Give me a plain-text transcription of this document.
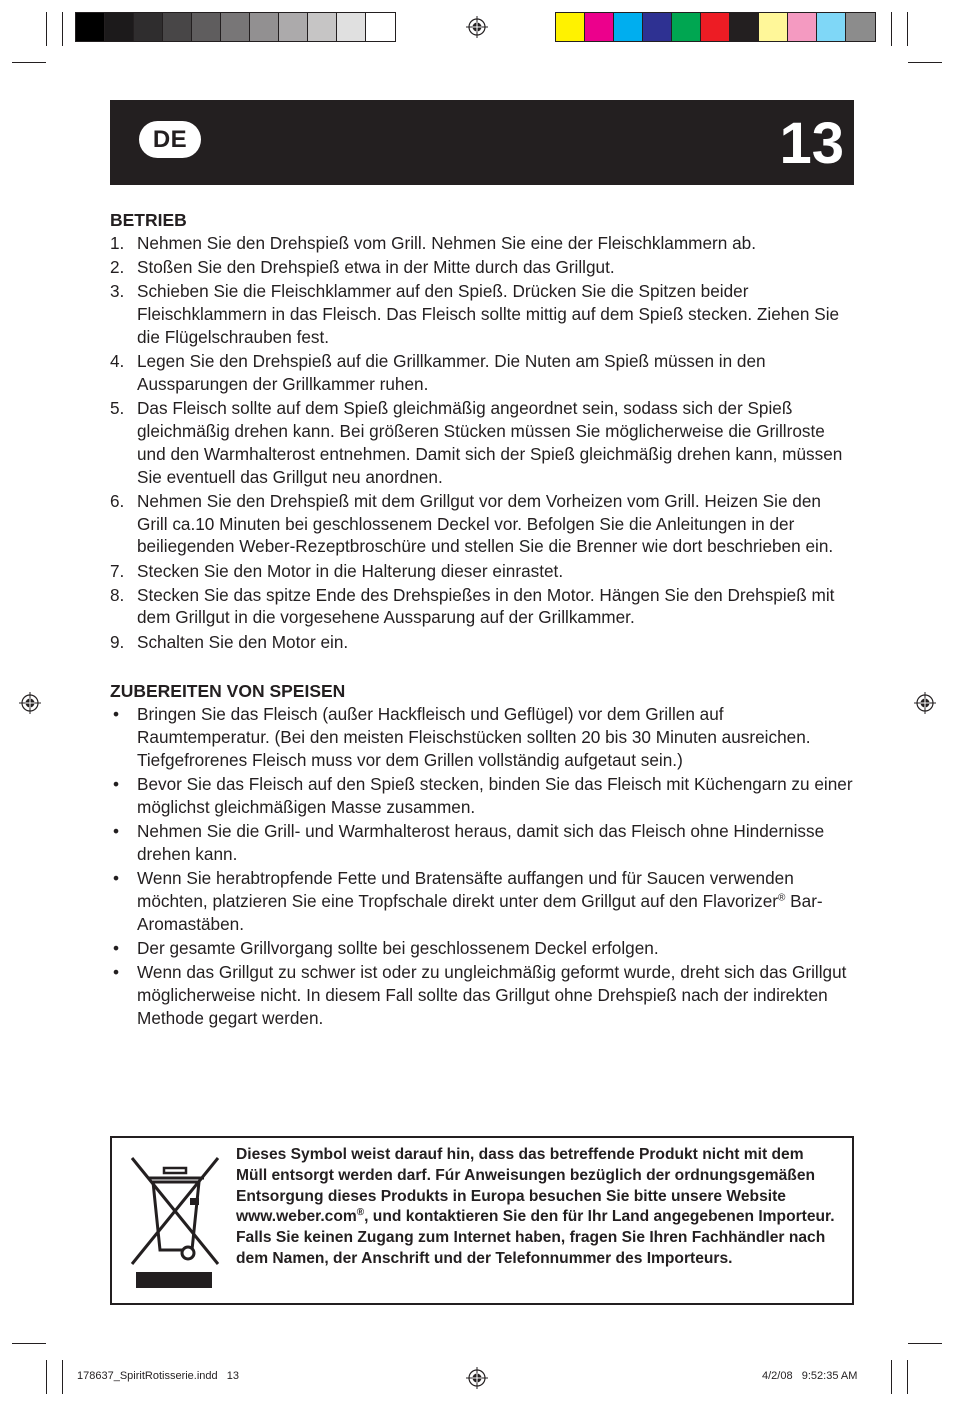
DE	13
BETRIEB
1. Nehmen Sie den Drehspieß vom Grill. Nehmen Sie eine der Fleischklammern ab.
2. Stoßen Sie den Drehspieß etwa in der Mitte durch das Grillgut.
3. Schieben Sie die Fleischklammer auf den Spieß. Drücken Sie die Spitzen beider Fleischklammern in das Fleisch. Das Fleisch sollte mittig auf dem Spieß stecken. Ziehen Sie die Flügelschrauben fest.
4. Legen Sie den Drehspieß auf die Grillkammer. Die Nuten am Spieß müssen in den Aussparungen der Grillkammer ruhen.
5. Das Fleisch sollte auf dem Spieß gleichmäßig angeordnet sein, sodass sich der Spieß gleichmäßig drehen kann. Bei größeren Stücken müssen Sie möglicherweise die Grillroste und den Warmhalterost entnehmen. Damit sich der Spieß gleichmäßig drehen kann, müssen Sie eventuell das Grillgut neu anordnen.
6. Nehmen Sie den Drehspieß mit dem Grillgut vor dem Vorheizen vom Grill. Heizen Sie den Grill ca.10 Minuten bei geschlossenem Deckel vor. Befolgen Sie die Anleitungen in der beiliegenden Weber-Rezeptbroschüre und stellen Sie die Brenner wie dort beschrieben ein.
7. Stecken Sie den Motor in die Halterung dieser einrastet.
8. Stecken Sie das spitze Ende des Drehspießes in den Motor. Hängen Sie den Drehspieß mit dem Grillgut in die vorgesehene Aussparung auf der Grillkammer.
9. Schalten Sie den Motor ein.
ZUBEREITEN VON SPEISEN
• Bringen Sie das Fleisch (außer Hackfleisch und Geflügel) vor dem Grillen auf Raumtemperatur. (Bei den meisten Fleischstücken sollten 20 bis 30 Minuten ausreichen. Tiefgefrorenes Fleisch muss vor dem Grillen vollständig aufgetaut sein.)
• Bevor Sie das Fleisch auf den Spieß stecken, binden Sie das Fleisch mit Küchengarn zu einer möglichst gleichmäßigen Masse zusammen.
• Nehmen Sie die Grill- und Warmhalterost heraus, damit sich das Fleisch ohne Hindernisse drehen kann.
• Wenn Sie herabtropfende Fette und Bratensäfte auffangen und für Saucen verwenden möchten, platzieren Sie eine Tropfschale direkt unter dem Grillgut auf den Flavorizer® Bar-Aromastäben.
• Der gesamte Grillvorgang sollte bei geschlossenem Deckel erfolgen.
• Wenn das Grillgut zu schwer ist oder zu ungleichmäßig geformt wurde, dreht sich das Grillgut möglicherweise nicht. In diesem Fall sollte das Grillgut ohne Drehspieß nach der indirekten Methode gegart werden.
Dieses Symbol weist darauf hin, dass das betreffende Produkt nicht mit dem Müll entsorgt werden darf. Fúr Anweisungen bezüglich der ordnungsgemäßen Entsorgung dieses Produkts in Europa besuchen Sie bitte unsere Website www.weber.com®, und kontaktieren Sie den für Ihr Land angegebenen Importeur. Falls Sie keinen Zugang zum Internet haben, fragen Sie Ihren Fachhändler nach dem Namen, der Anschrift und der Telefonnummer des Importeurs.
178637_SpiritRotisserie.indd   13	4/2/08   9:52:35 AM
